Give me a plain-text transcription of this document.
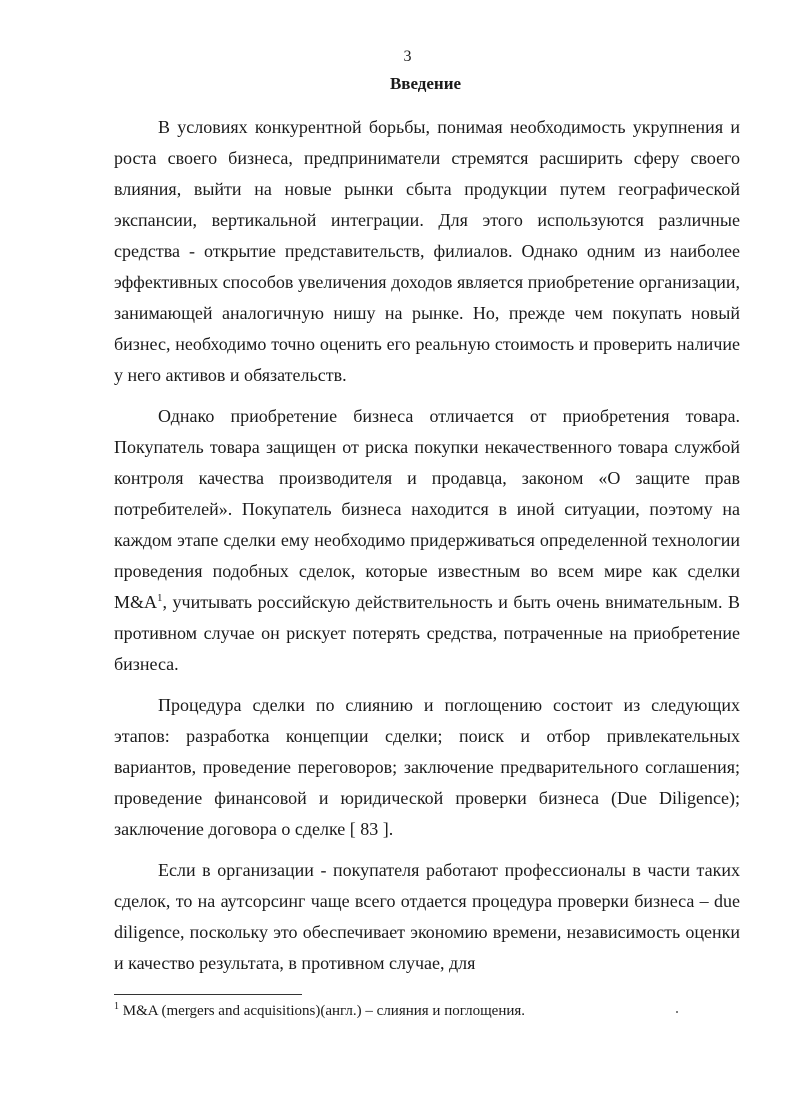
3
Введение

В условиях конкурентной борьбы, понимая необходимость укрупнения и роста своего бизнеса, предприниматели стремятся расширить сферу своего влияния, выйти на новые рынки сбыта продукции путем географической экспансии, вертикальной интеграции. Для этого используются различные средства - открытие представительств, филиалов. Однако одним из наиболее эффективных способов увеличения доходов является приобретение организации, занимающей аналогичную нишу на рынке. Но, прежде чем покупать новый бизнес, необходимо точно оценить его реальную стоимость и проверить наличие у него активов и обязательств.

Однако приобретение бизнеса отличается от приобретения товара. Покупатель товара защищен от риска покупки некачественного товара службой контроля качества производителя и продавца, законом «О защите прав потребителей». Покупатель бизнеса находится в иной ситуации, поэтому на каждом этапе сделки ему необходимо придерживаться определенной технологии проведения подобных сделок, которые известным во всем мире как сделки $M\&A^1$, учитывать российскую действительность и быть очень внимательным. В противном случае он рискует потерять средства, потраченные на приобретение бизнеса.

Процедура сделки по слиянию и поглощению состоит из следующих этапов: разработка концепции сделки; поиск и отбор привлекательных вариантов, проведение переговоров; заключение предварительного соглашения; проведение финансовой и юридической проверки бизнеса (Due Diligence); заключение договора о сделке [ 83 ].

Если в организации - покупателя работают профессионалы в части таких сделок, то на аутсорсинг чаще всего отдается процедура проверки бизнеса – due diligence, поскольку это обеспечивает экономию времени, независимость оценки и качество результата, в противном случае, для

$^1$ M&A (mergers and acquisitions)(англ.) – слияния и поглощения.
